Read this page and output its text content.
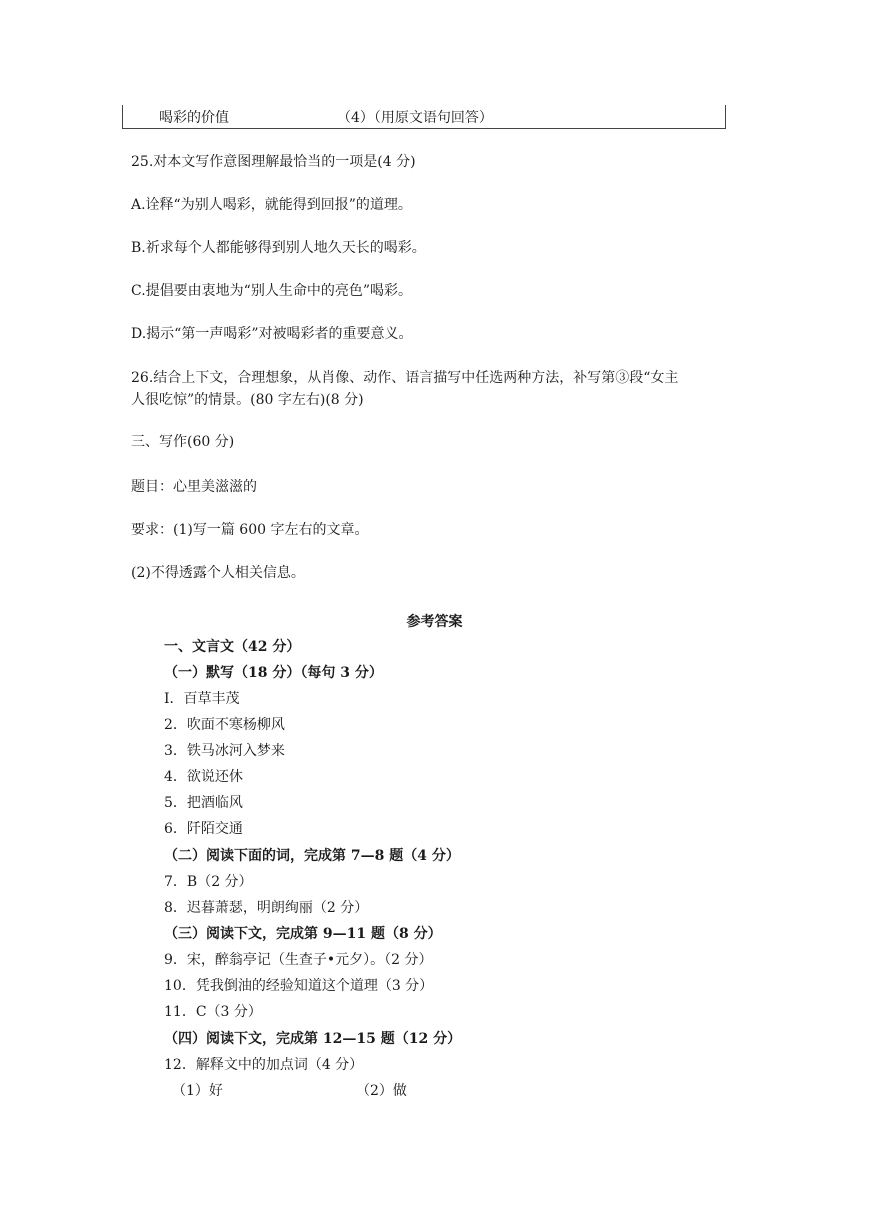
喝彩的价值	（4）（用原文语句回答）
25.对本文写作意图理解最恰当的一项是(4 分)
A.诠释“为别人喝彩，就能得到回报”的道理。
B.祈求每个人都能够得到别人地久天长的喝彩。
C.提倡要由衷地为“别人生命中的亮色”喝彩。
D.揭示“第一声喝彩”对被喝彩者的重要意义。
26.结合上下文，合理想象，从肖像、动作、语言描写中任选两种方法，补写第③段“女主
人很吃惊”的情景。(80 字左右)(8 分)
三、写作(60 分)
题目：心里美滋滋的
要求：(1)写一篇 600 字左右的文章。
(2)不得透露个人相关信息。
参考答案
一、文言文（42 分）
（一）默写（18 分）（每句 3 分）
I．百草丰茂
2．吹面不寒杨柳风
3．铁马冰河入梦来
4．欲说还休
5．把酒临风
6．阡陌交通
（二）阅读下面的词，完成第 7—8 题（4 分）
7．B（2 分）
8．迟暮萧瑟，明朗绚丽（2 分）
（三）阅读下文，完成第 9—11 题（8 分）
9．宋，醉翁亭记（生查子•元夕）。（2 分）
10．凭我倒油的经验知道这个道理（3 分）
11．C（3 分）
（四）阅读下文，完成第 12—15 题（12 分）
12．解释文中的加点词（4 分）
（1）好	（2）做
